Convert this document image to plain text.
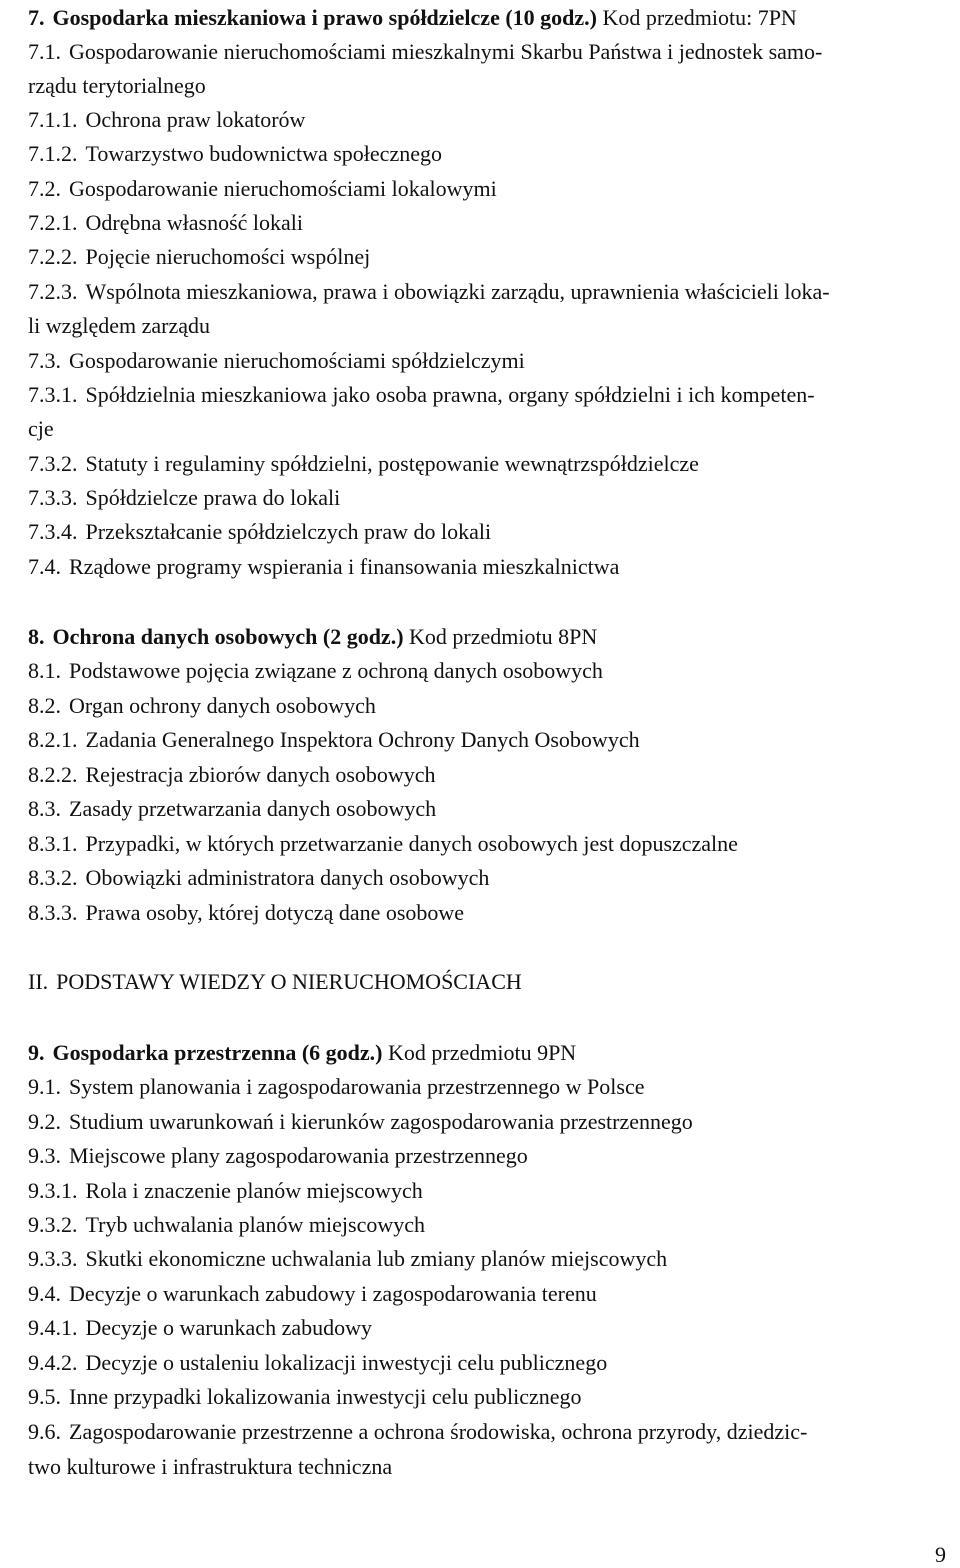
7. Gospodarka mieszkaniowa i prawo spółdzielcze (10 godz.) Kod przedmiotu: 7PN
7.1. Gospodarowanie nieruchomościami mieszkalnymi Skarbu Państwa i jednostek samo-
rządu terytorialnego
7.1.1. Ochrona praw lokatorów
7.1.2. Towarzystwo budownictwa społecznego
7.2. Gospodarowanie nieruchomościami lokalowymi
7.2.1. Odrębna własność lokali
7.2.2. Pojęcie nieruchomości wspólnej
7.2.3. Wspólnota mieszkaniowa, prawa i obowiązki zarządu, uprawnienia właścicieli loka-
li względem zarządu
7.3. Gospodarowanie nieruchomościami spółdzielczymi
7.3.1. Spółdzielnia mieszkaniowa jako osoba prawna, organy spółdzielni i ich kompeten-
cje
7.3.2. Statuty i regulaminy spółdzielni, postępowanie wewnątrzspółdzielcze
7.3.3. Spółdzielcze prawa do lokali
7.3.4. Przekształcanie spółdzielczych praw do lokali
7.4. Rządowe programy wspierania i finansowania mieszkalnictwa
8. Ochrona danych osobowych (2 godz.) Kod przedmiotu 8PN
8.1. Podstawowe pojęcia związane z ochroną danych osobowych
8.2. Organ ochrony danych osobowych
8.2.1. Zadania Generalnego Inspektora Ochrony Danych Osobowych
8.2.2. Rejestracja zbiorów danych osobowych
8.3. Zasady przetwarzania danych osobowych
8.3.1. Przypadki, w których przetwarzanie danych osobowych jest dopuszczalne
8.3.2. Obowiązki administratora danych osobowych
8.3.3. Prawa osoby, której dotyczą dane osobowe
II. PODSTAWY WIEDZY O NIERUCHOMOŚCIACH
9. Gospodarka przestrzenna (6 godz.) Kod przedmiotu 9PN
9.1. System planowania i zagospodarowania przestrzennego w Polsce
9.2. Studium uwarunkowań i kierunków zagospodarowania przestrzennego
9.3. Miejscowe plany zagospodarowania przestrzennego
9.3.1. Rola i znaczenie planów miejscowych
9.3.2. Tryb uchwalania planów miejscowych
9.3.3. Skutki ekonomiczne uchwalania lub zmiany planów miejscowych
9.4. Decyzje o warunkach zabudowy i zagospodarowania terenu
9.4.1. Decyzje o warunkach zabudowy
9.4.2. Decyzje o ustaleniu lokalizacji inwestycji celu publicznego
9.5. Inne przypadki lokalizowania inwestycji celu publicznego
9.6. Zagospodarowanie przestrzenne a ochrona środowiska, ochrona przyrody, dziedzic-
two kulturowe i infrastruktura techniczna
9
